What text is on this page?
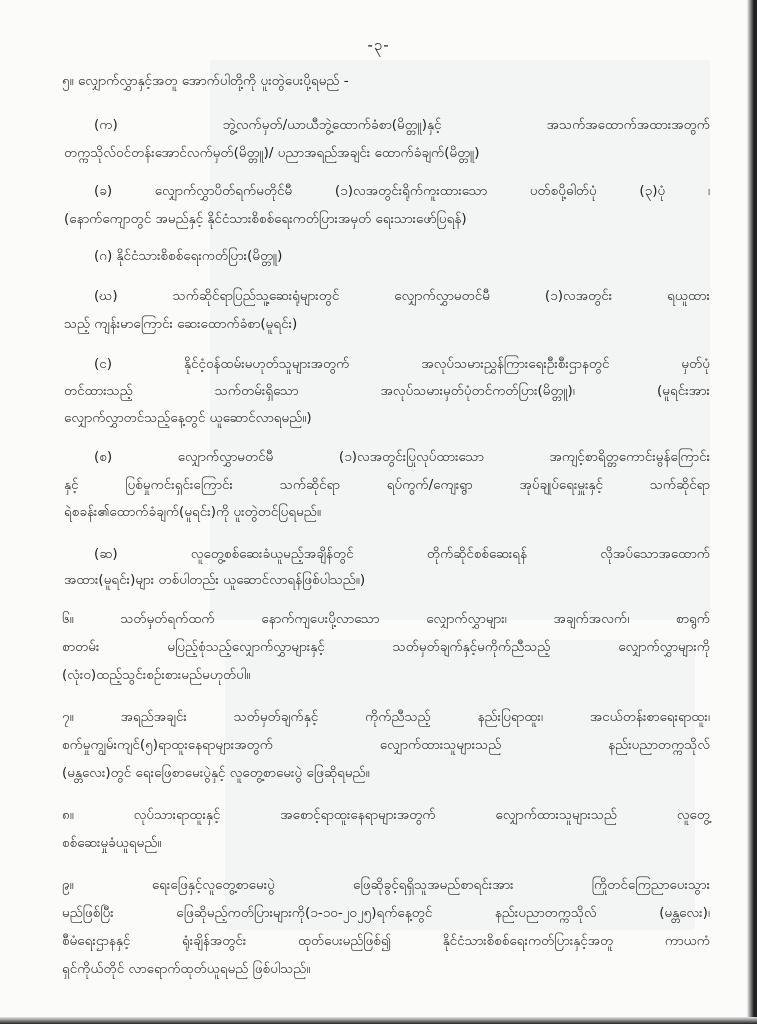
-၃-
၅။ လျှောက်လွှာနှင့်အတူ အောက်ပါတို့ကို ပူးတွဲပေးပို့ရမည် -
(က) ဘွဲ့လက်မှတ်/ယာယီဘွဲ့ထောက်ခံစာ(မိတ္တူ)နှင့် အသက်အထောက်အထားအတွက်
တက္ကသိုလ်ဝင်တန်းအောင်လက်မှတ်(မိတ္တူ)/ ပညာအရည်အချင်း ထောက်ခံချက်(မိတ္တူ)
(ခ) လျှောက်လွှာပိတ်ရက်မတိုင်မီ (၁)လအတွင်းရိုက်ကူးထားသော ပတ်စပို့ဓါတ်ပုံ (၃)ပုံ ၊
(နောက်ကျောတွင် အမည်နှင့် နိုင်ငံသားစိစစ်ရေးကတ်ပြားအမှတ် ရေးသားဖော်ပြရန်)
(ဂ) နိုင်ငံသားစိစစ်ရေးကတ်ပြား(မိတ္တူ)
(ဃ) သက်ဆိုင်ရာပြည်သူ့ဆေးရုံများတွင် လျှောက်လွှာမတင်မီ (၁)လအတွင်း ရယူထား
သည့် ကျန်းမာကြောင်း ဆေးထောက်ခံစာ(မူရင်း)
(င) နိုင်ငံ့ဝန်ထမ်းမဟုတ်သူများအတွက် အလုပ်သမားညွှန်ကြားရေးဦးစီးဌာနတွင် မှတ်ပုံ
တင်ထားသည့် သက်တမ်းရှိသော အလုပ်သမားမှတ်ပုံတင်ကတ်ပြား(မိတ္တူ)၊ (မူရင်းအား
လျှောက်လွှာတင်သည့်နေ့တွင် ယူဆောင်လာရမည်။)
(စ) လျှောက်လွှာမတင်မီ (၁)လအတွင်းပြုလုပ်ထားသော အကျင့်စာရိတ္တကောင်းမွန်ကြောင်း
နှင့် ပြစ်မှုကင်းရှင်းကြောင်း သက်ဆိုင်ရာ ရပ်ကွက်/ကျေးရွာ အုပ်ချုပ်ရေးမှူးနှင့် သက်ဆိုင်ရာ
ရဲစခန်း၏ထောက်ခံချက်(မူရင်း)ကို ပူးတွဲတင်ပြရမည်။
(ဆ) လူတွေ့စစ်ဆေးခံယူမည့်အချိန်တွင် တိုက်ဆိုင်စစ်ဆေးရန် လိုအပ်သောအထောက်
အထား(မူရင်း)များ တစ်ပါတည်း ယူဆောင်လာရန်ဖြစ်ပါသည်။)
၆။ သတ်မှတ်ရက်ထက် နောက်ကျပေးပို့လာသော လျှောက်လွှာများ၊ အချက်အလက်၊ စာရွက်
စာတမ်း မပြည့်စုံသည့်လျှောက်လွှာများနှင့် သတ်မှတ်ချက်နှင့်မကိုက်ညီသည့် လျှောက်လွှာများကို
(လုံးဝ)ထည့်သွင်းစဉ်းစားမည်မဟုတ်ပါ။
၇။ အရည်အချင်း သတ်မှတ်ချက်နှင့် ကိုက်ညီသည့် နည်းပြရာထူး၊ အငယ်တန်းစာရေးရာထူး၊
စက်မှုကျွမ်းကျင်(၅)ရာထူးနေရာများအတွက် လျှောက်ထားသူများသည် နည်းပညာတက္ကသိုလ်
(မန္တလေး)တွင် ရေးဖြေစာမေးပွဲနှင့် လူတွေ့စာမေးပွဲ ဖြေဆိုရမည်။
၈။ လုပ်သားရာထူးနှင့် အစောင့်ရာထူးနေရာများအတွက် လျှောက်ထားသူများသည် လူတွေ့
စစ်ဆေးမှုခံယူရမည်။
၉။ ရေးဖြေနှင့်လူတွေ့စာမေးပွဲ ဖြေဆိုခွင့်ရရှိသူအမည်စာရင်းအား ကြိုတင်ကြေညာပေးသွား
မည်ဖြစ်ပြီး ဖြေဆိုမည့်ကတ်ပြားများကို(၁-၁၀-၂၀၂၅)ရက်နေ့တွင် နည်းပညာတက္ကသိုလ် (မန္တလေး)၊
စီမံရေးဌာနနှင့် ရုံးချိန်အတွင်း ထုတ်ပေးမည်ဖြစ်၍ နိုင်ငံသားစိစစ်ရေးကတ်ပြားနှင့်အတူ ကာယကံ
ရှင်ကိုယ်တိုင် လာရောက်ထုတ်ယူရမည် ဖြစ်ပါသည်။
